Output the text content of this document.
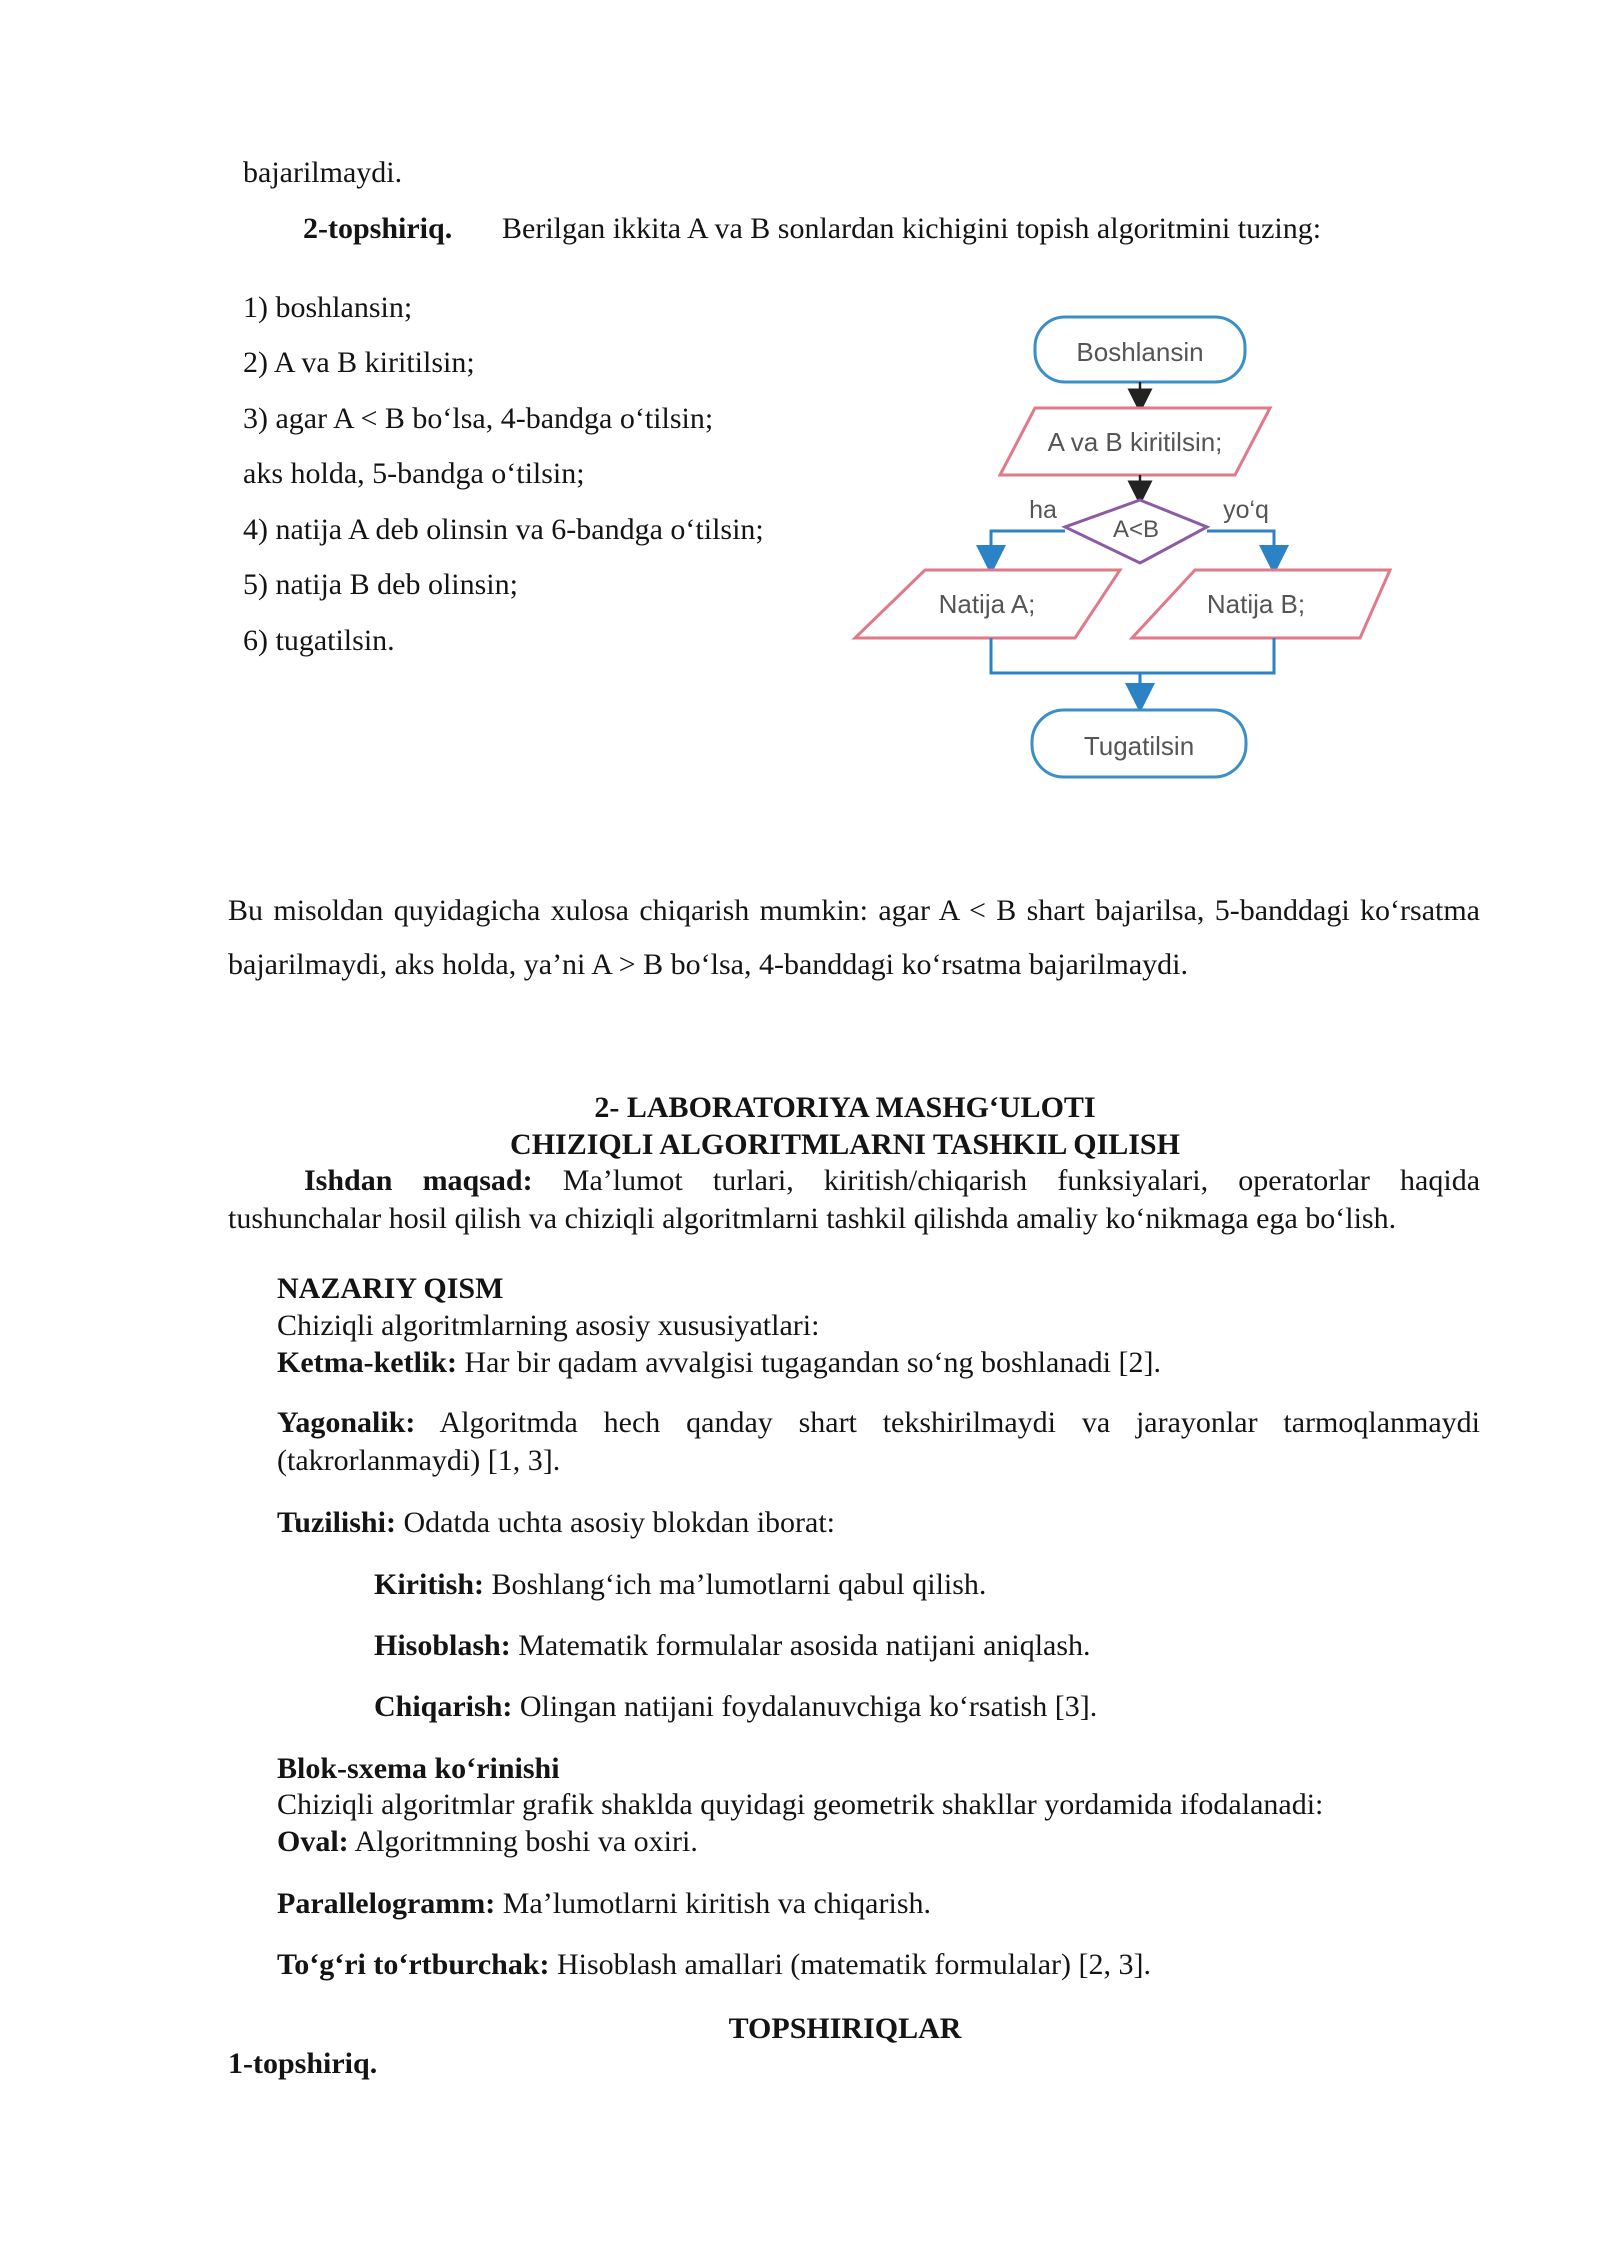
bajarilmaydi.
2-topshiriq. Berilgan ikkita A va B sonlardan kichigini topish algoritmini tuzing:
1) boshlansin;
2) A va B kiritilsin;
3) agar A < B bo‘lsa, 4-bandga o‘tilsin;
aks holda, 5-bandga o‘tilsin;
4) natija A deb olinsin va 6-bandga o‘tilsin;
5) natija B deb olinsin;
6) tugatilsin.
Boshlansin
A va B kiritilsin;
A<B
ha	yo‘q
Natija A;	Natija B;
Tugatilsin
Bu misoldan quyidagicha xulosa chiqarish mumkin: agar A < B shart bajarilsa, 5-banddagi ko‘rsatma bajarilmaydi, aks holda, ya’ni A > B bo‘lsa, 4-banddagi ko‘rsatma bajarilmaydi.
2- LABORATORIYA MASHG‘ULOTI
CHIZIQLI ALGORITMLARNI TASHKIL QILISH
Ishdan maqsad: Ma’lumot turlari, kiritish/chiqarish funksiyalari, operatorlar haqida tushunchalar hosil qilish va chiziqli algoritmlarni tashkil qilishda amaliy ko‘nikmaga ega bo‘lish.
NAZARIY QISM
Chiziqli algoritmlarning asosiy xususiyatlari:
Ketma-ketlik: Har bir qadam avvalgisi tugagandan so‘ng boshlanadi [2].
Yagonalik: Algoritmda hech qanday shart tekshirilmaydi va jarayonlar tarmoqlanmaydi (takrorlanmaydi) [1, 3].
Tuzilishi: Odatda uchta asosiy blokdan iborat:
Kiritish: Boshlang‘ich ma’lumotlarni qabul qilish.
Hisoblash: Matematik formulalar asosida natijani aniqlash.
Chiqarish: Olingan natijani foydalanuvchiga ko‘rsatish [3].
Blok-sxema ko‘rinishi
Chiziqli algoritmlar grafik shaklda quyidagi geometrik shakllar yordamida ifodalanadi:
Oval: Algoritmning boshi va oxiri.
Parallelogramm: Ma’lumotlarni kiritish va chiqarish.
To‘g‘ri to‘rtburchak: Hisoblash amallari (matematik formulalar) [2, 3].
TOPSHIRIQLAR
1-topshiriq.
